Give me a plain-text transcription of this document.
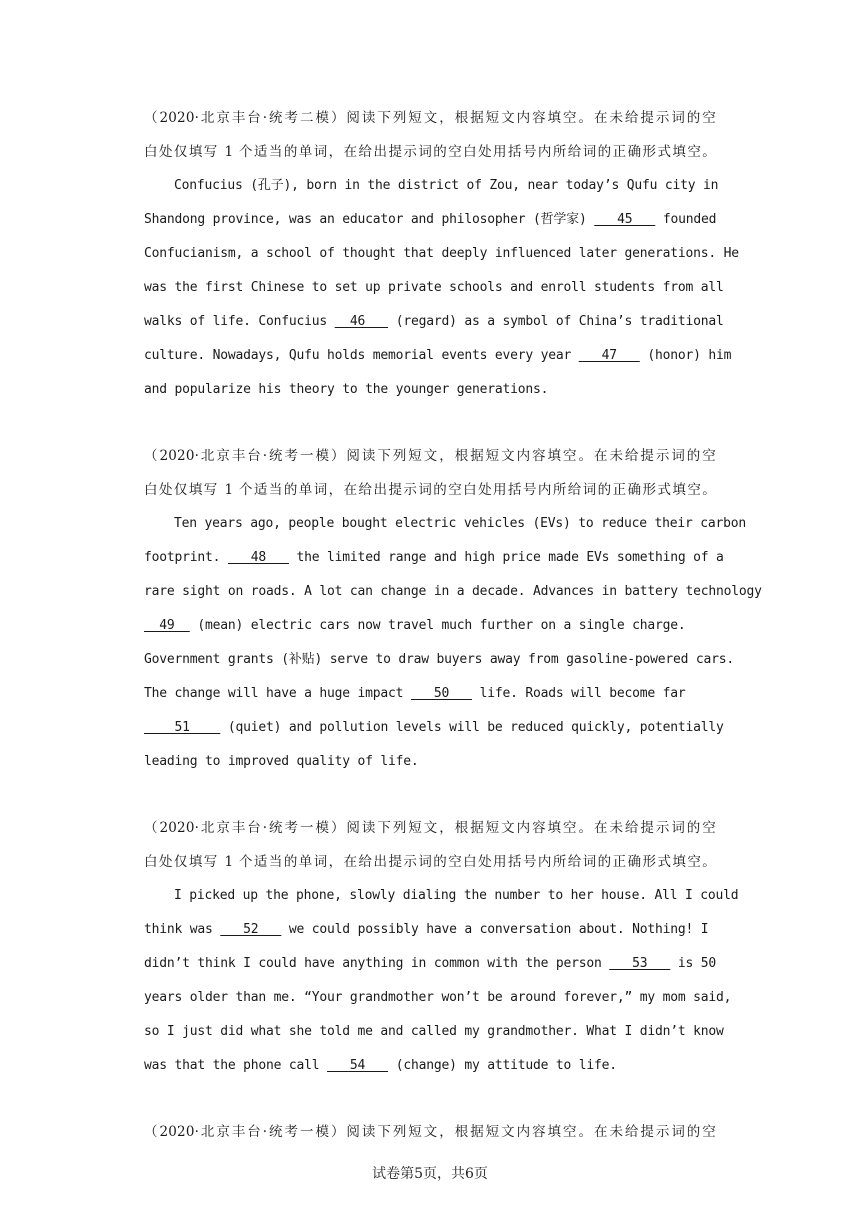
（2020·北京丰台·统考二模）阅读下列短文，根据短文内容填空。在未给提示词的空
白处仅填写 1 个适当的单词，在给出提示词的空白处用括号内所给词的正确形式填空。
Confucius (孔子), born in the district of Zou, near today’s Qufu city in
Shandong province, was an educator and philosopher (哲学家)    45    founded
Confucianism, a school of thought that deeply influenced later generations. He
was the first Chinese to set up private schools and enroll students from all
walks of life. Confucius   46    (regard) as a symbol of China’s traditional
culture. Nowadays, Qufu holds memorial events every year    47    (honor) him
and popularize his theory to the younger generations.
（2020·北京丰台·统考一模）阅读下列短文，根据短文内容填空。在未给提示词的空
白处仅填写 1 个适当的单词，在给出提示词的空白处用括号内所给词的正确形式填空。
Ten years ago, people bought electric vehicles (EVs) to reduce their carbon
footprint.    48    the limited range and high price made EVs something of a
rare sight on roads. A lot can change in a decade. Advances in battery technology
49   (mean) electric cars now travel much further on a single charge.
Government grants (补贴) serve to draw buyers away from gasoline-powered cars.
The change will have a huge impact    50    life. Roads will become far
51     (quiet) and pollution levels will be reduced quickly, potentially
leading to improved quality of life.
（2020·北京丰台·统考一模）阅读下列短文，根据短文内容填空。在未给提示词的空
白处仅填写 1 个适当的单词，在给出提示词的空白处用括号内所给词的正确形式填空。
I picked up the phone, slowly dialing the number to her house. All I could
think was    52    we could possibly have a conversation about. Nothing! I
didn’t think I could have anything in common with the person    53    is 50
years older than me. “Your grandmother won’t be around forever,” my mom said,
so I just did what she told me and called my grandmother. What I didn’t know
was that the phone call    54    (change) my attitude to life.
（2020·北京丰台·统考一模）阅读下列短文，根据短文内容填空。在未给提示词的空
试卷第5页，共6页
